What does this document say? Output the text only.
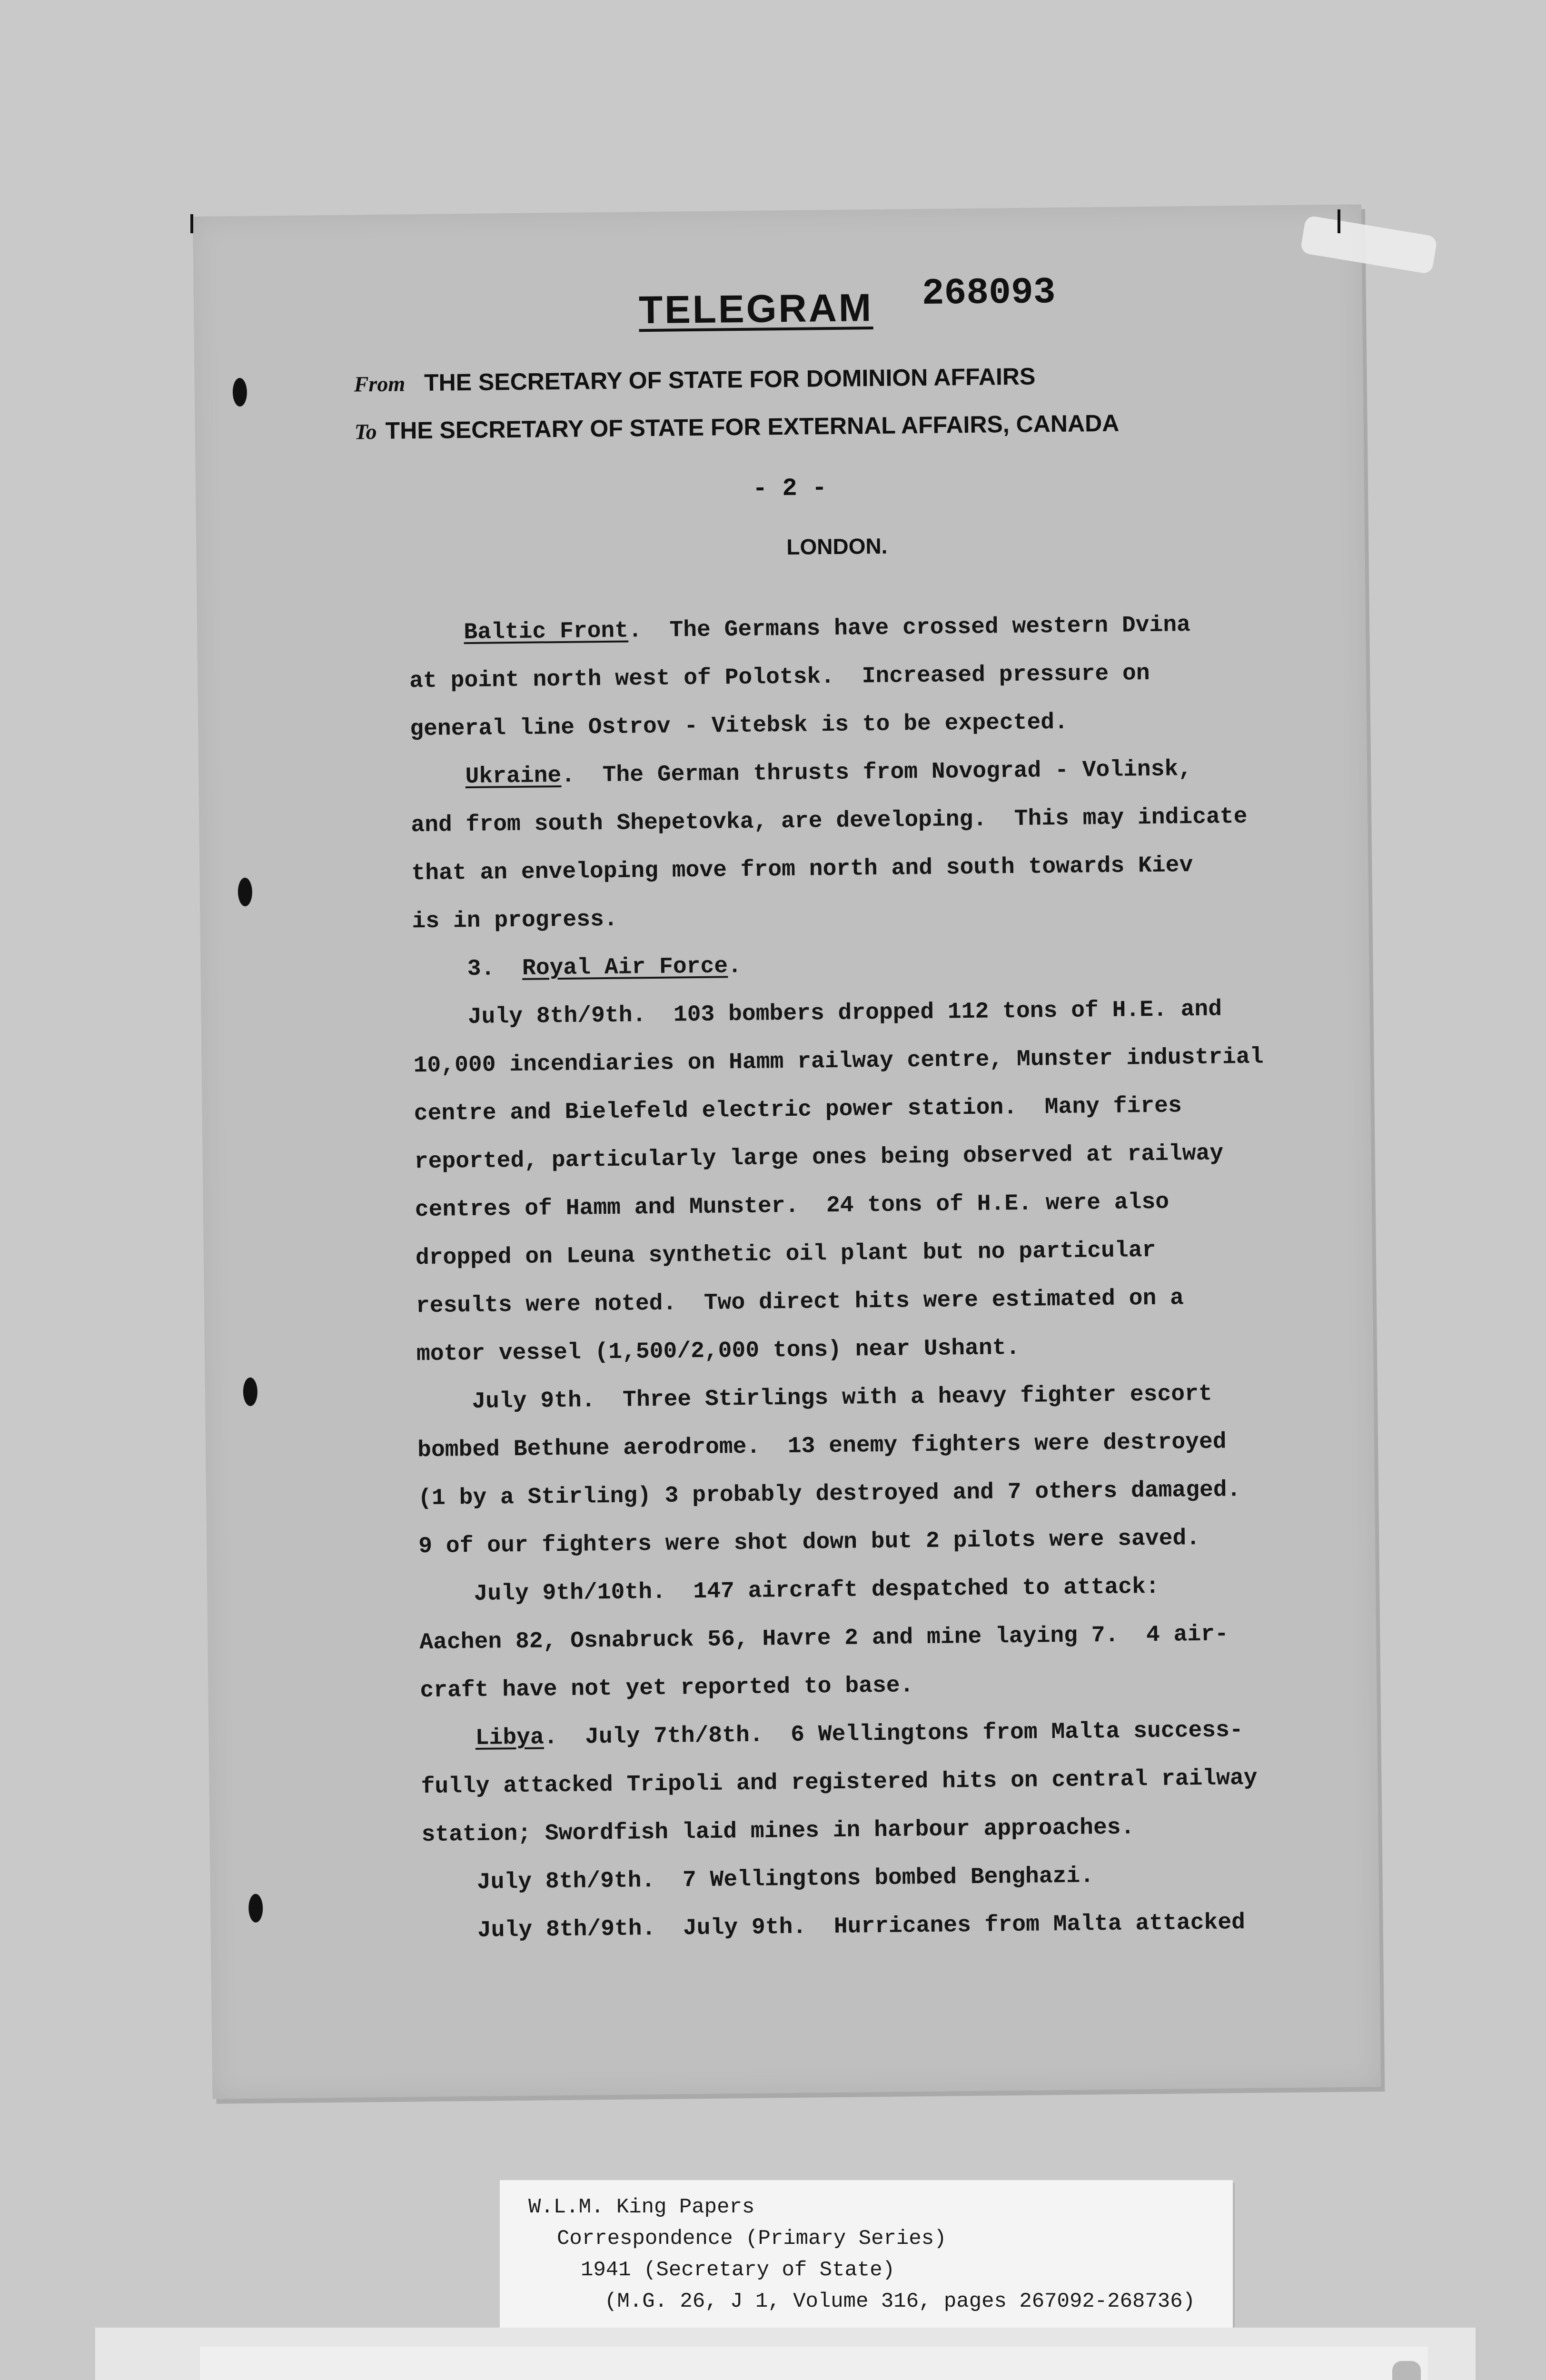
TELEGRAM 268093
From THE SECRETARY OF STATE FOR DOMINION AFFAIRS
To THE SECRETARY OF STATE FOR EXTERNAL AFFAIRS, CANADA
- 2 -
LONDON.
Baltic Front.  The Germans have crossed western Dvina
at point north west of Polotsk.  Increased pressure on
general line Ostrov - Vitebsk is to be expected.
Ukraine.  The German thrusts from Novograd - Volinsk,
and from south Shepetovka, are developing.  This may indicate
that an enveloping move from north and south towards Kiev
is in progress.
3.  Royal Air Force.
July 8th/9th.  103 bombers dropped 112 tons of H.E. and
10,000 incendiaries on Hamm railway centre, Munster industrial
centre and Bielefeld electric power station.  Many fires
reported, particularly large ones being observed at railway
centres of Hamm and Munster.  24 tons of H.E. were also
dropped on Leuna synthetic oil plant but no particular
results were noted.  Two direct hits were estimated on a
motor vessel (1,500/2,000 tons) near Ushant.
July 9th.  Three Stirlings with a heavy fighter escort
bombed Bethune aerodrome.  13 enemy fighters were destroyed
(1 by a Stirling) 3 probably destroyed and 7 others damaged.
9 of our fighters were shot down but 2 pilots were saved.
July 9th/10th.  147 aircraft despatched to attack:
Aachen 82, Osnabruck 56, Havre 2 and mine laying 7.  4 air-
craft have not yet reported to base.
Libya.  July 7th/8th.  6 Wellingtons from Malta success-
fully attacked Tripoli and registered hits on central railway
station; Swordfish laid mines in harbour approaches.
July 8th/9th.  7 Wellingtons bombed Benghazi.
July 8th/9th.  July 9th.  Hurricanes from Malta attacked
W.L.M. King Papers
Correspondence (Primary Series)
1941 (Secretary of State)
(M.G. 26, J 1, Volume 316, pages 267092-268736)
